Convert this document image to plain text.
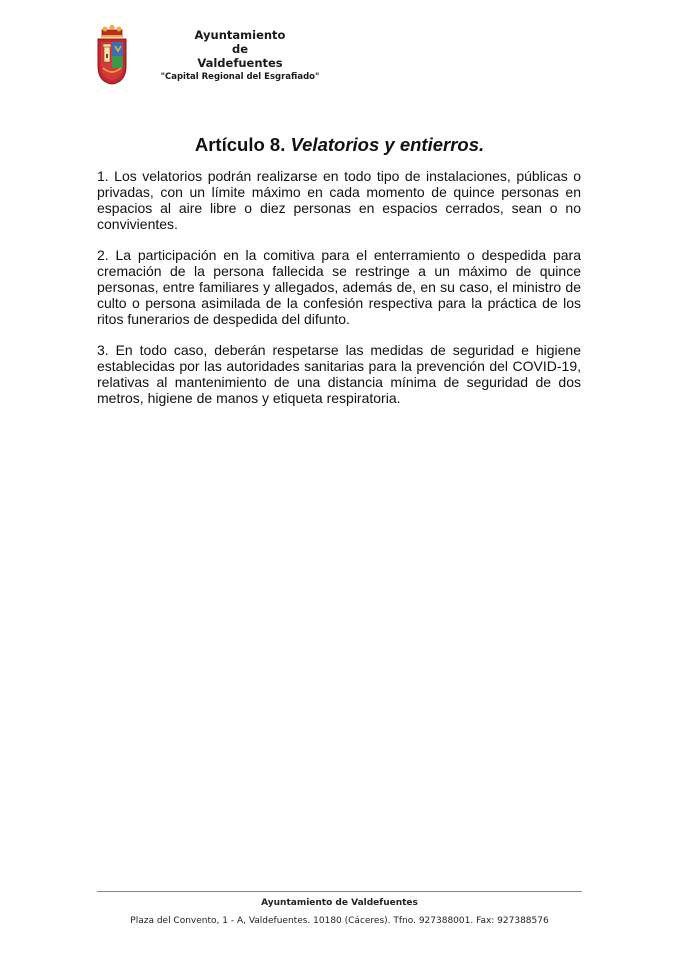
Ayuntamiento
de
Valdefuentes
"Capital Regional del Esgrafiado"
Artículo 8. Velatorios y entierros.
1. Los velatorios podrán realizarse en todo tipo de instalaciones, públicas o privadas, con un límite máximo en cada momento de quince personas en espacios al aire libre o diez personas en espacios cerrados, sean o no convivientes.
2. La participación en la comitiva para el enterramiento o despedida para cremación de la persona fallecida se restringe a un máximo de quince personas, entre familiares y allegados, además de, en su caso, el ministro de culto o persona asimilada de la confesión respectiva para la práctica de los ritos funerarios de despedida del difunto.
3. En todo caso, deberán respetarse las medidas de seguridad e higiene establecidas por las autoridades sanitarias para la prevención del COVID-19, relativas al mantenimiento de una distancia mínima de seguridad de dos metros, higiene de manos y etiqueta respiratoria.
Ayuntamiento de Valdefuentes
Plaza del Convento, 1 - A, Valdefuentes. 10180 (Cáceres). Tfno. 927388001. Fax: 927388576
